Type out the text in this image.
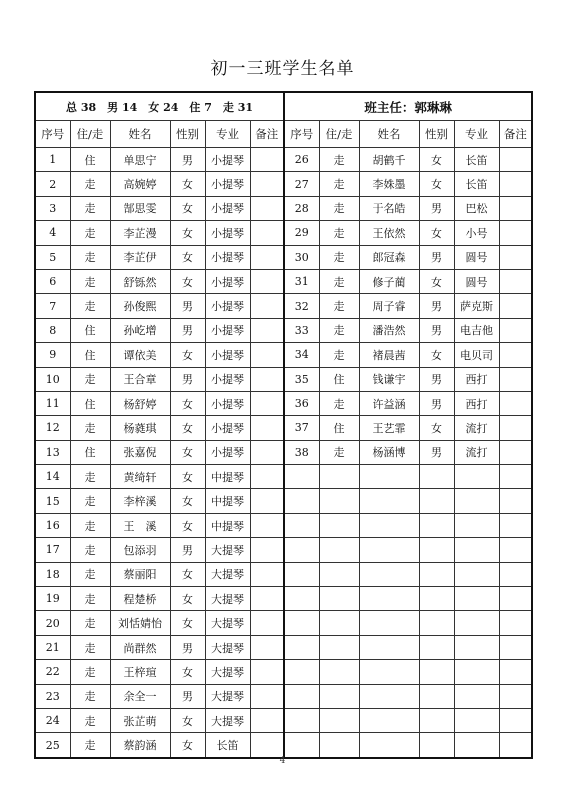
初一三班学生名单
总 38　男 14　女 24　住 7　走 31						班主任：郭琳琳					
序号	住/走	姓名	性别	专业	备注	序号	住/走	姓名	性别	专业	备注
1	住	单思宁	男	小提琴		26	走	胡鹤千	女	长笛	
2	走	高婉婷	女	小提琴		27	走	李姝墨	女	长笛	
3	走	郜思雯	女	小提琴		28	走	于名皓	男	巴松	
4	走	李芷漫	女	小提琴		29	走	王依然	女	小号	
5	走	李芷伊	女	小提琴		30	走	郎冠森	男	圆号	
6	走	舒铄然	女	小提琴		31	走	修子蔺	女	圆号	
7	走	孙俊熙	男	小提琴		32	走	周子睿	男	萨克斯	
8	住	孙屹增	男	小提琴		33	走	潘浩然	男	电吉他	
9	住	谭依美	女	小提琴		34	走	褚晨茜	女	电贝司	
10	走	王合章	男	小提琴		35	住	钱谦宇	男	西打	
11	住	杨舒婷	女	小提琴		36	走	许益涵	男	西打	
12	走	杨蕤琪	女	小提琴		37	住	王艺霏	女	流打	
13	住	张嘉倪	女	小提琴		38	走	杨涵博	男	流打	
14	走	黄绮轩	女	中提琴							
15	走	李梓溪	女	中提琴							
16	走	王　溪	女	中提琴							
17	走	包添羽	男	大提琴							
18	走	蔡丽阳	女	大提琴							
19	走	程楚桥	女	大提琴							
20	走	刘恬婧怡	女	大提琴							
21	走	尚群然	男	大提琴							
22	走	王梓瑄	女	大提琴							
23	走	余全一	男	大提琴							
24	走	张芷萌	女	大提琴							
25	走	蔡韵涵	女	长笛							
4
